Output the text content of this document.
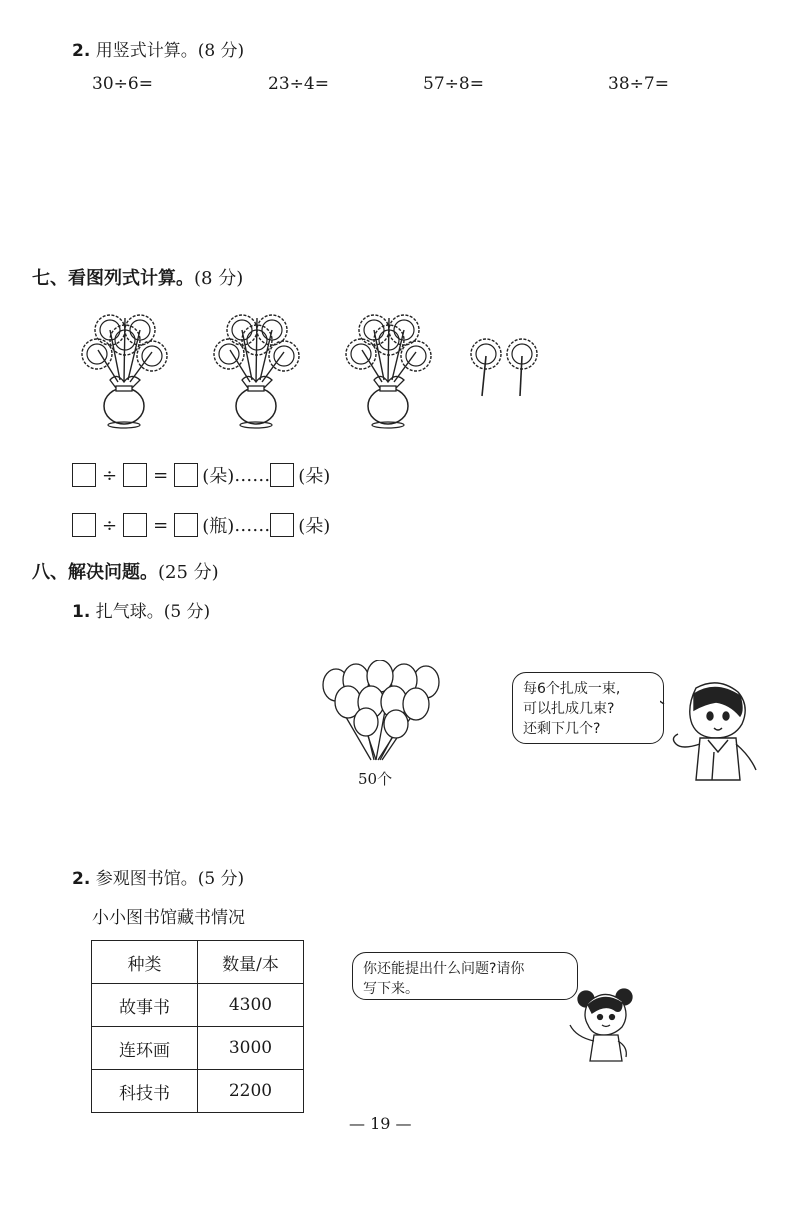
2. 用竖式计算。(8 分)
30÷6=	23÷4=	57÷8=	38÷7=
七、看图列式计算。(8 分)
÷ = (朵) …… (朵)
÷ = (瓶) …… (朵)
八、解决问题。(25 分)
1. 扎气球。(5 分)
50个
每6个扎成一束,
可以扎成几束?
还剩下几个?
2. 参观图书馆。(5 分)
小小图书馆藏书情况
种类	数量/本
故事书	4300
连环画	3000
科技书	2200
你还能提出什么问题?请你
写下来。
— 19 —
